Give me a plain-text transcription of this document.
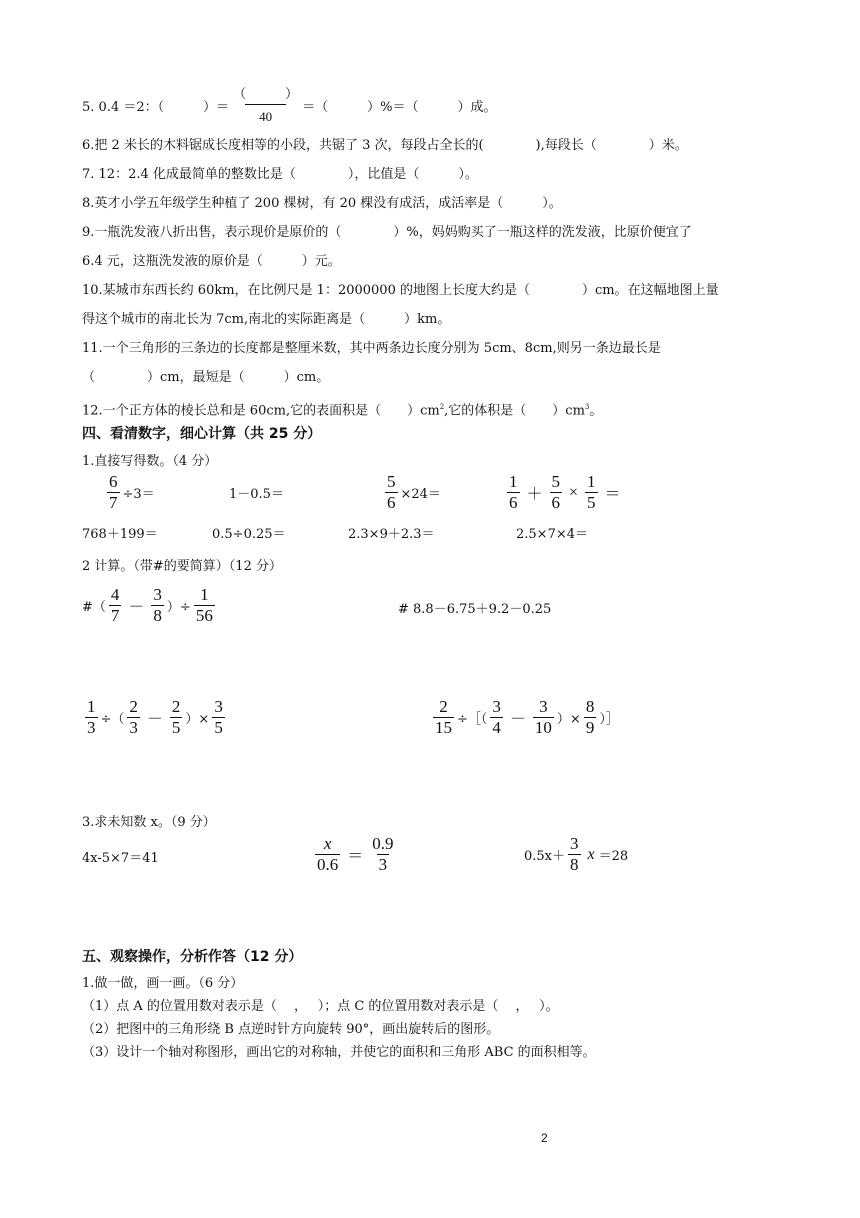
5. 0.4 ＝2：（　　　）＝ $\frac{( )}{40}$ ＝（　　　）%＝（　　　）成。
6.把 2 米长的木料锯成长度相等的小段，共锯了 3 次，每段占全长的(　　　　),每段长（　　　　）米。
7. 12：2.4 化成最简单的整数比是（　　　　），比值是（　　　）。
8.英才小学五年级学生种植了 200 棵树，有 20 棵没有成活，成活率是（　　　）。
9.一瓶洗发液八折出售，表示现价是原价的（　　　　）%，妈妈购买了一瓶这样的洗发液，比原价便宜了
6.4 元，这瓶洗发液的原价是（　　　）元。
10.某城市东西长约 60km，在比例尺是 1：2000000 的地图上长度大约是（　　　　）cm。在这幅地图上量
得这个城市的南北长为 7cm,南北的实际距离是（　　　）km。
11.一个三角形的三条边的长度都是整厘米数，其中两条边长度分别为 5cm、8cm,则另一条边最长是
（　　　　）cm，最短是（　　　）cm。
12.一个正方体的棱长总和是 60cm,它的表面积是（　　）$cm^2$,它的体积是（　　）$cm^3$。
四、看清数字，细心计算（共 25 分）
1.直接写得数。（4 分）
$\frac{6}{7} \div 3=$	1－0.5＝	$\frac{5}{6} \times 24=$	$\frac{1}{6} + \frac{5}{6} \times \frac{1}{5}$ ＝
768＋199＝	0.5÷0.25＝	2.3×9＋2.3＝	2.5×7×4＝
2 计算。（带#的要简算）（12 分）
#（ $\frac{4}{7} - \frac{3}{8}$ ）÷ $\frac{1}{56}$	# 8.8－6.75＋9.2－0.25
$\frac{1}{3}$ ÷（ $\frac{2}{3} - \frac{2}{5}$ ）× $\frac{3}{5}$	$\frac{2}{15}$ ÷［（ $\frac{3}{4} - \frac{3}{10}$ ）× $\frac{8}{9}$ ）］
3.求未知数 x。（9 分）
4x-5×7＝41	$\frac{x}{0.6} = \frac{0.9}{3}$	$0.5x+ \frac{3}{8}$ x ＝28
五、观察操作，分析作答（12 分）
1.做一做，画一画。（6 分）
（1）点 A 的位置用数对表示是（　 ，　 ）；点 C 的位置用数对表示是（　 ，　 ）。
（2）把图中的三角形绕 B 点逆时针方向旋转 90°，画出旋转后的图形。
（3）设计一个轴对称图形，画出它的对称轴，并使它的面积和三角形 ABC 的面积相等。
2
